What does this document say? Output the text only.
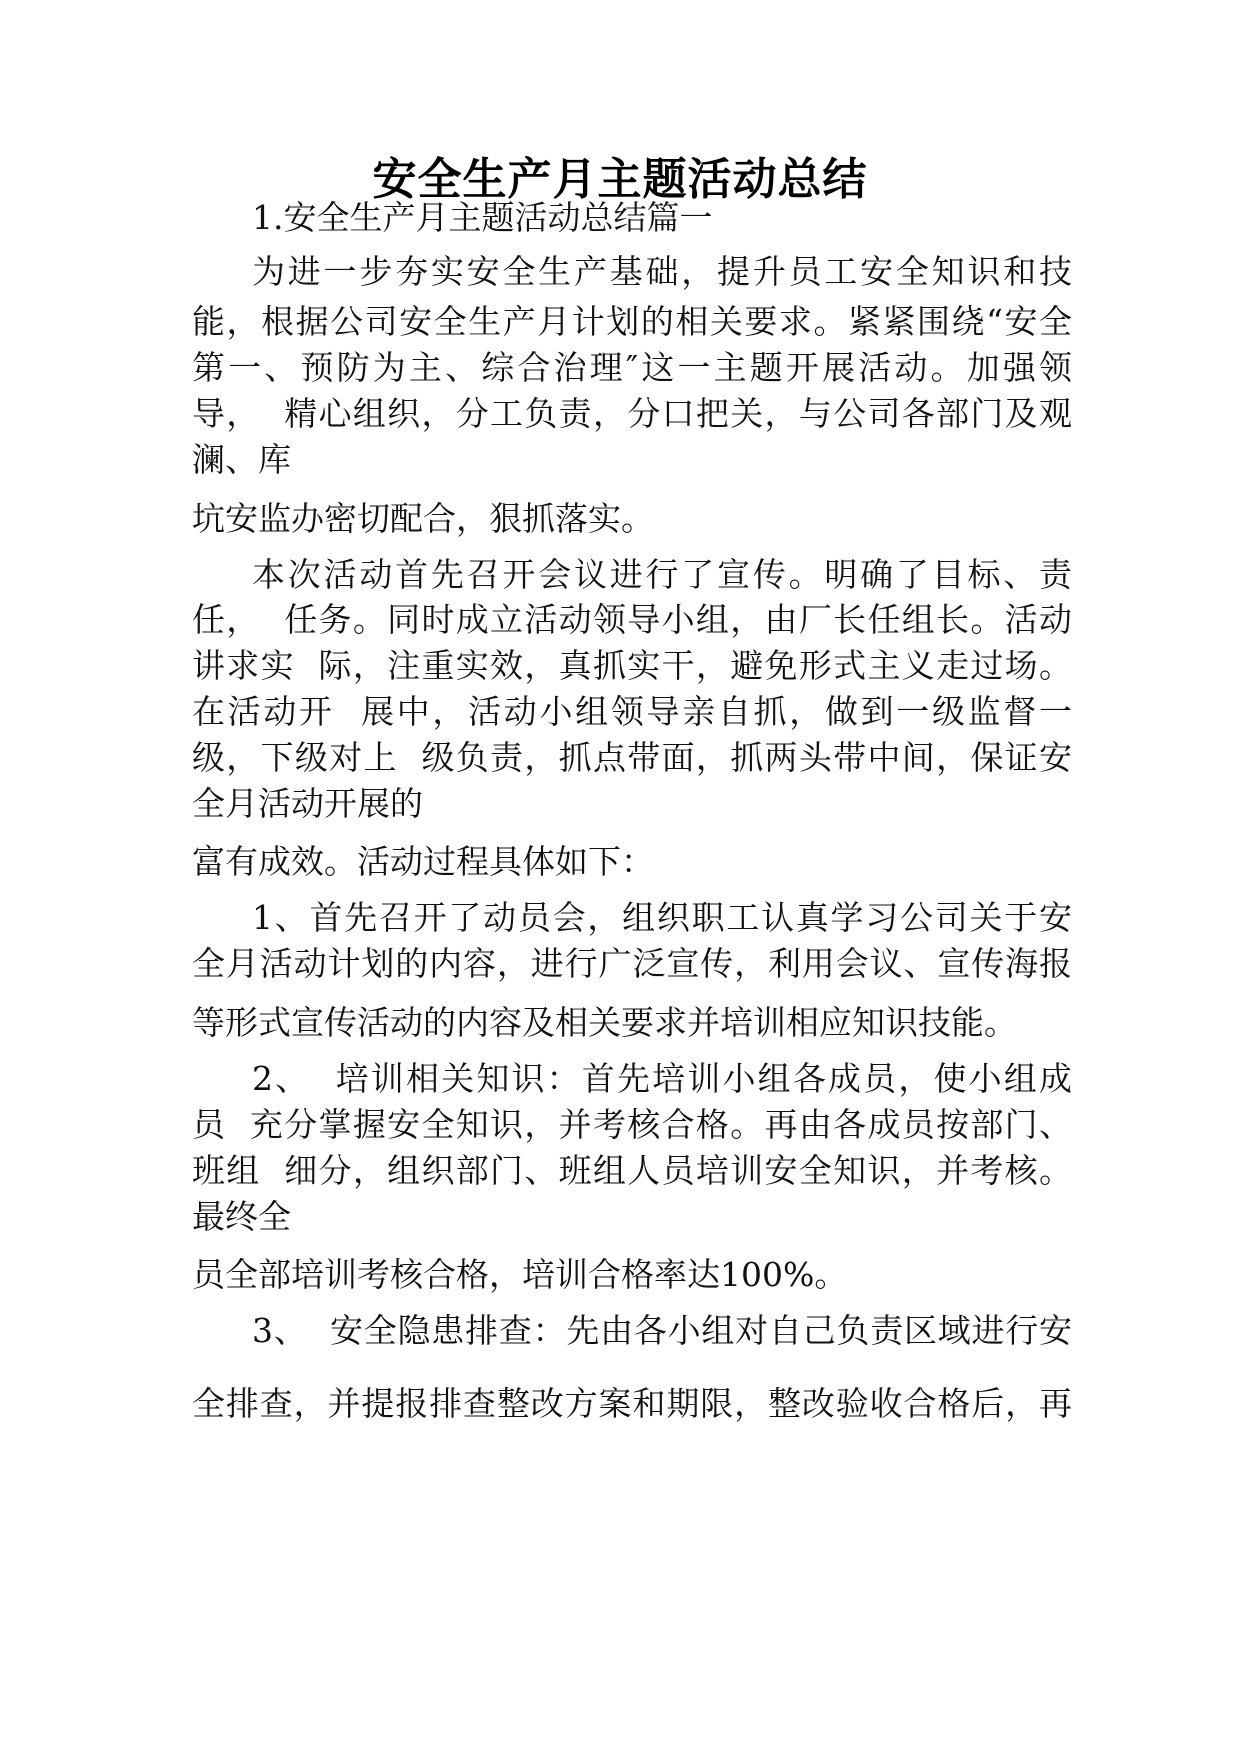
安全生产月主题活动总结
1.安全生产月主题活动总结篇一
为进一步夯实安全生产基础，提升员工安全知识和技
能，根据公司安全生产月计划的相关要求。紧紧围绕“安全
第一、预防为主、综合治理″这一主题开展活动。加强领
导，  精心组织，分工负责，分口把关，与公司各部门及观
澜、库
坑安监办密切配合，狠抓落实。
本次活动首先召开会议进行了宣传。明确了目标、责
任，  任务。同时成立活动领导小组，由厂长任组长。活动
讲求实  际，注重实效，真抓实干，避免形式主义走过场。
在活动开  展中，活动小组领导亲自抓，做到一级监督一
级，下级对上  级负责，抓点带面，抓两头带中间，保证安
全月活动开展的
富有成效。活动过程具体如下：
1、首先召开了动员会，组织职工认真学习公司关于安
全月活动计划的内容，进行广泛宣传，利用会议、宣传海报
等形式宣传活动的内容及相关要求并培训相应知识技能。
2、  培训相关知识：首先培训小组各成员，使小组成
员  充分掌握安全知识，并考核合格。再由各成员按部门、
班组  细分，组织部门、班组人员培训安全知识，并考核。
最终全
员全部培训考核合格，培训合格率达100%。
3、  安全隐患排查：先由各小组对自己负责区域进行安
全排查，并提报排查整改方案和期限，整改验收合格后，再
